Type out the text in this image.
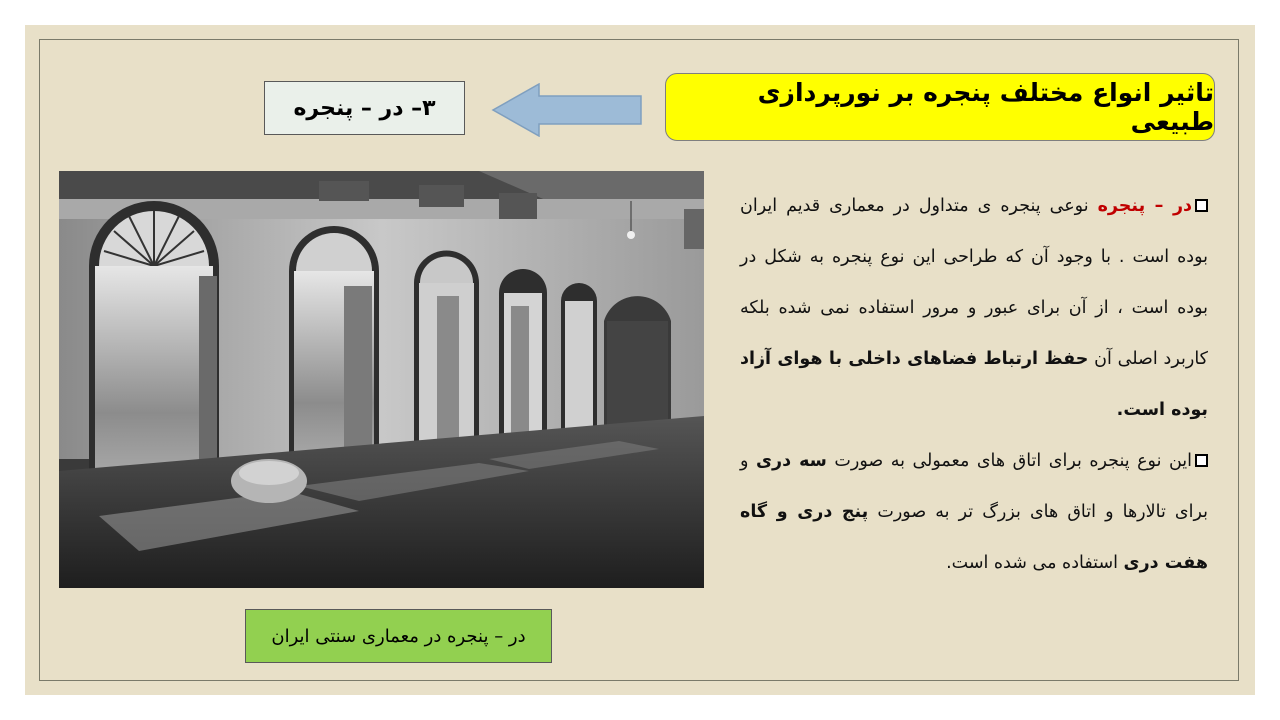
تاثیر انواع مختلف پنجره بر نورپردازی طبیعی
۳– در – پنجره
در – پنجره در معماری سنتی ایران

در – پنجره نوعی پنجره ی متداول در معماری قدیم ایران بوده است . با وجود آن که طراحی این نوع پنجره به شکل در بوده است ، از آن برای عبور و مرور استفاده نمی شده بلکه کاربرد اصلی آن حفظ ارتباط فضاهای داخلی با هوای آزاد بوده است.

این نوع پنجره برای اتاق های معمولی به صورت سه دری و برای تالارها و اتاق های بزرگ تر به صورت پنج دری و گاه هفت دری استفاده می شده است.
